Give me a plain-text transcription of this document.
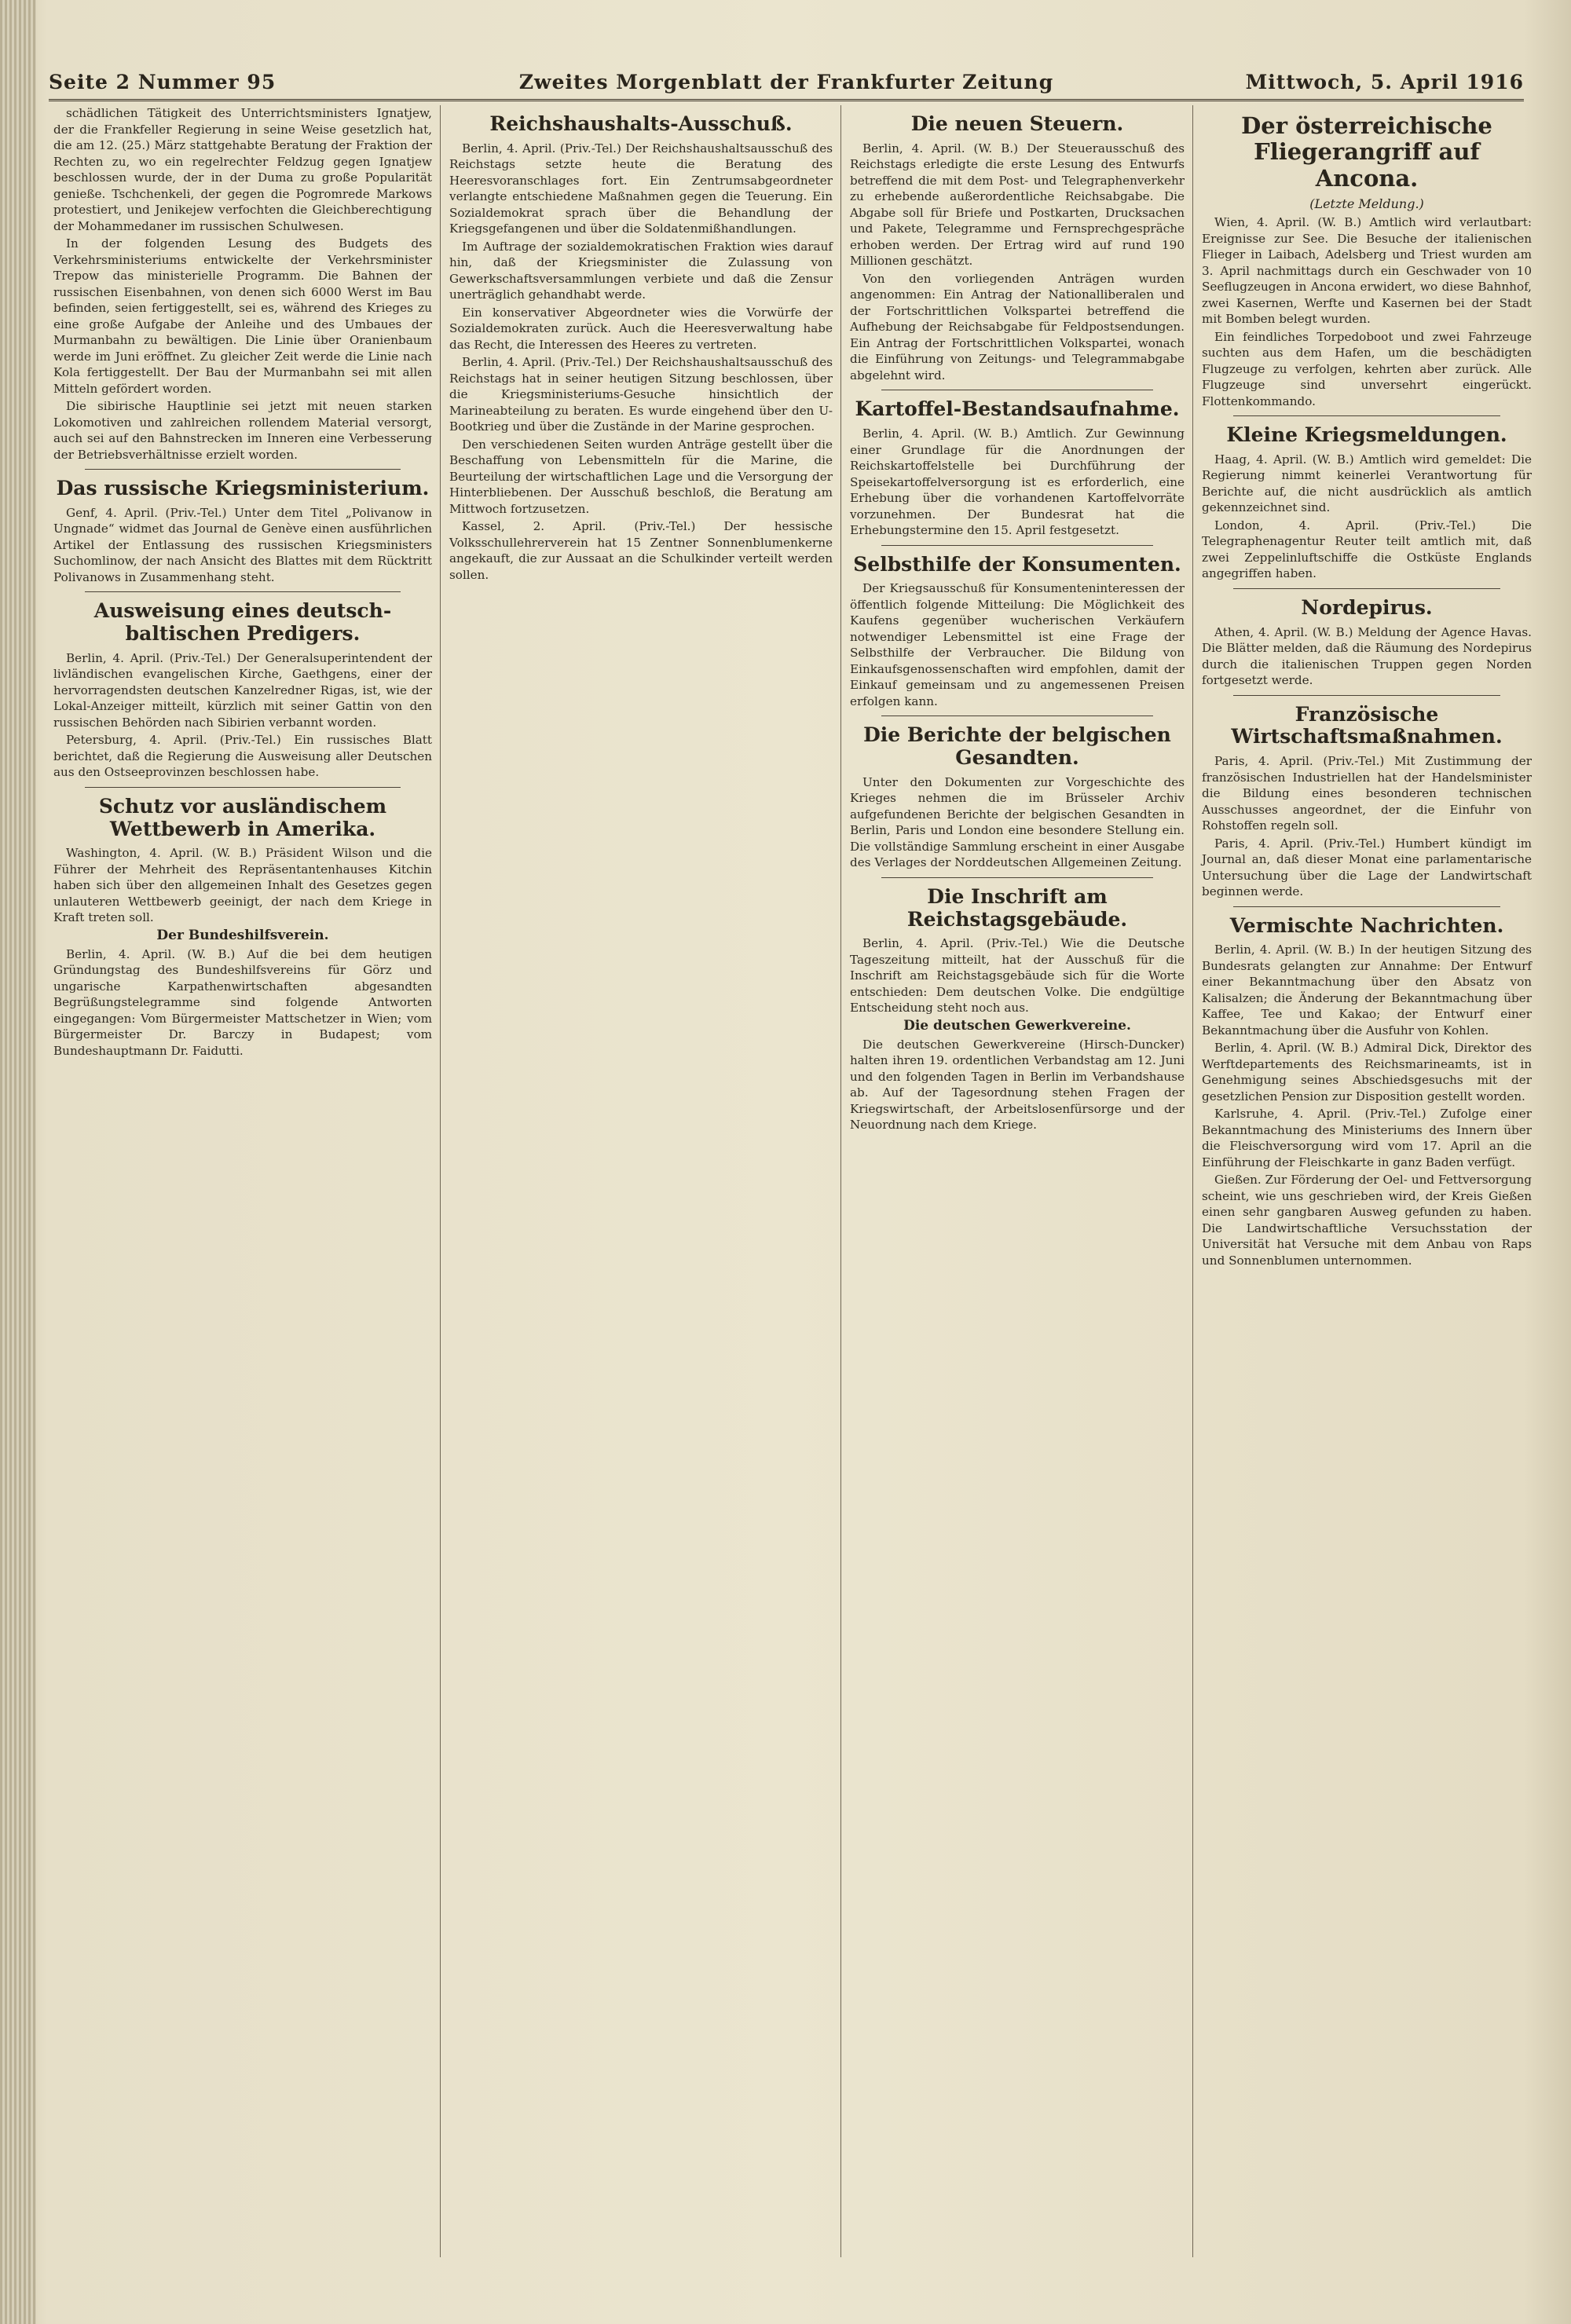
Seite 2 Nummer 95	Zweites Morgenblatt der Frankfurter Zeitung	Mittwoch, 5. April 1916

schädlichen Tätigkeit des Unterrichtsministers Ignatjew, der die Frankfeller Regierung in seine Weise gesetzlich hat, die am 12. (25.) März stattgehabte Beratung der Fraktion der Rechten zu, wo ein regelrechter Feldzug gegen Ignatjew beschlossen wurde, der in der Duma zu große Popularität genieße. Tschchenkeli, der gegen die Pogromrede Markows protestiert, und Jenikejew verfochten die Gleichberechtigung der Mohammedaner im russischen Schulwesen.

In der folgenden Lesung des Budgets des Verkehrsministeriums entwickelte der Verkehrsminister Trepow das ministerielle Programm. Die Bahnen der russischen Eisenbahnen, von denen sich 6000 Werst im Bau befinden, seien fertiggestellt, sei es, während des Krieges zu eine große Aufgabe der Anleihe und des Umbaues der Murmanbahn zu bewältigen. Die Linie über Oranienbaum werde im Juni eröffnet. Zu gleicher Zeit werde die Linie nach Kola fertiggestellt. Der Bau der Murmanbahn sei mit allen Mitteln gefördert worden.

Die sibirische Hauptlinie sei jetzt mit neuen starken Lokomotiven und zahlreichen rollendem Material versorgt, auch sei auf den Bahnstrecken im Inneren eine Verbesserung der Betriebsverhältnisse erzielt worden.

Das russische Kriegsministerium.

Genf, 4. April. (Priv.-Tel.) Unter dem Titel „Polivanow in Ungnade“ widmet das Journal de Genève einen ausführlichen Artikel der Entlassung des russischen Kriegsministers Suchomlinow, der nach Ansicht des Blattes mit dem Rücktritt Polivanows in Zusammenhang steht.

Ausweisung eines deutsch-baltischen Predigers.

Berlin, 4. April. (Priv.-Tel.) Der Generalsuperintendent der livländischen evangelischen Kirche, Gaethgens, einer der hervorragendsten deutschen Kanzelredner Rigas, ist, wie der Lokal-Anzeiger mitteilt, kürzlich mit seiner Gattin von den russischen Behörden nach Sibirien verbannt worden.

Petersburg, 4. April. (Priv.-Tel.) Ein russisches Blatt berichtet, daß die Regierung die Ausweisung aller Deutschen aus den Ostseeprovinzen beschlossen habe.

Schutz vor ausländischem Wettbewerb in Amerika.

Washington, 4. April. (W. B.) Präsident Wilson und die Führer der Mehrheit des Repräsentantenhauses Kitchin haben sich über den allgemeinen Inhalt des Gesetzes gegen unlauteren Wettbewerb geeinigt, der nach dem Kriege in Kraft treten soll.

Der Bundeshilfsverein.

Berlin, 4. April. (W. B.) Auf die bei dem heutigen Gründungstag des Bundeshilfsvereins für Görz und ungarische Karpathenwirtschaften abgesandten Begrüßungstelegramme sind folgende Antworten eingegangen: Vom Bürgermeister Mattschetzer in Wien; vom Bürgermeister Dr. Barczy in Budapest; vom Bundeshauptmann Dr. Faidutti.

Reichshaushalts-Ausschuß.

Berlin, 4. April. (Priv.-Tel.) Der Reichshaushaltsausschuß des Reichstags setzte heute die Beratung des Heeresvoranschlages fort. Ein Zentrumsabgeordneter verlangte entschiedene Maßnahmen gegen die Teuerung. Ein Sozialdemokrat sprach über die Behandlung der Kriegsgefangenen und über die Soldatenmißhandlungen.

Im Auftrage der sozialdemokratischen Fraktion wies darauf hin, daß der Kriegsminister die Zulassung von Gewerkschaftsversammlungen verbiete und daß die Zensur unerträglich gehandhabt werde.

Ein konservativer Abgeordneter wies die Vorwürfe der Sozialdemokraten zurück. Auch die Heeresverwaltung habe das Recht, die Interessen des Heeres zu vertreten.

Berlin, 4. April. (Priv.-Tel.) Der Reichshaushaltsausschuß des Reichstags hat in seiner heutigen Sitzung beschlossen, über die Kriegsministeriums-Gesuche hinsichtlich der Marineabteilung zu beraten. Es wurde eingehend über den U-Bootkrieg und über die Zustände in der Marine gesprochen.

Den verschiedenen Seiten wurden Anträge gestellt über die Beschaffung von Lebensmitteln für die Marine, die Beurteilung der wirtschaftlichen Lage und die Versorgung der Hinterbliebenen. Der Ausschuß beschloß, die Beratung am Mittwoch fortzusetzen.

Kassel, 2. April. (Priv.-Tel.) Der hessische Volksschullehrerverein hat 15 Zentner Sonnenblumenkerne angekauft, die zur Aussaat an die Schulkinder verteilt werden sollen.

Die neuen Steuern.

Berlin, 4. April. (W. B.) Der Steuerausschuß des Reichstags erledigte die erste Lesung des Entwurfs betreffend die mit dem Post- und Telegraphenverkehr zu erhebende außerordentliche Reichsabgabe. Die Abgabe soll für Briefe und Postkarten, Drucksachen und Pakete, Telegramme und Fernsprechgespräche erhoben werden. Der Ertrag wird auf rund 190 Millionen geschätzt.

Von den vorliegenden Anträgen wurden angenommen: Ein Antrag der Nationalliberalen und der Fortschrittlichen Volkspartei betreffend die Aufhebung der Reichsabgabe für Feldpostsendungen. Ein Antrag der Fortschrittlichen Volkspartei, wonach die Einführung von Zeitungs- und Telegrammabgabe abgelehnt wird.

Kartoffel-Bestandsaufnahme.

Berlin, 4. April. (W. B.) Amtlich. Zur Gewinnung einer Grundlage für die Anordnungen der Reichskartoffelstelle bei Durchführung der Speisekartoffelversorgung ist es erforderlich, eine Erhebung über die vorhandenen Kartoffelvorräte vorzunehmen. Der Bundesrat hat die Erhebungstermine den 15. April festgesetzt.

Selbsthilfe der Konsumenten.

Der Kriegsausschuß für Konsumenteninteressen der öffentlich folgende Mitteilung: Die Möglichkeit des Kaufens gegenüber wucherischen Verkäufern notwendiger Lebensmittel ist eine Frage der Selbsthilfe der Verbraucher. Die Bildung von Einkaufsgenossenschaften wird empfohlen, damit der Einkauf gemeinsam und zu angemessenen Preisen erfolgen kann.

Die Berichte der belgischen Gesandten.

Unter den Dokumenten zur Vorgeschichte des Krieges nehmen die im Brüsseler Archiv aufgefundenen Berichte der belgischen Gesandten in Berlin, Paris und London eine besondere Stellung ein. Die vollständige Sammlung erscheint in einer Ausgabe des Verlages der Norddeutschen Allgemeinen Zeitung.

Die Inschrift am Reichstagsgebäude.

Berlin, 4. April. (Priv.-Tel.) Wie die Deutsche Tageszeitung mitteilt, hat der Ausschuß für die Inschrift am Reichstagsgebäude sich für die Worte entschieden: Dem deutschen Volke. Die endgültige Entscheidung steht noch aus.

Die deutschen Gewerkvereine.

Die deutschen Gewerkvereine (Hirsch-Duncker) halten ihren 19. ordentlichen Verbandstag am 12. Juni und den folgenden Tagen in Berlin im Verbandshause ab. Auf der Tagesordnung stehen Fragen der Kriegswirtschaft, der Arbeitslosenfürsorge und der Neuordnung nach dem Kriege.

Der österreichische Fliegerangriff auf Ancona.
(Letzte Meldung.)

Wien, 4. April. (W. B.) Amtlich wird verlautbart: Ereignisse zur See. Die Besuche der italienischen Flieger in Laibach, Adelsberg und Triest wurden am 3. April nachmittags durch ein Geschwader von 10 Seeflugzeugen in Ancona erwidert, wo diese Bahnhof, zwei Kasernen, Werfte und Kasernen bei der Stadt mit Bomben belegt wurden.

Ein feindliches Torpedoboot und zwei Fahrzeuge suchten aus dem Hafen, um die beschädigten Flugzeuge zu verfolgen, kehrten aber zurück. Alle Flugzeuge sind unversehrt eingerückt. Flottenkommando.

Kleine Kriegsmeldungen.

Haag, 4. April. (W. B.) Amtlich wird gemeldet: Die Regierung nimmt keinerlei Verantwortung für Berichte auf, die nicht ausdrücklich als amtlich gekennzeichnet sind.

London, 4. April. (Priv.-Tel.) Die Telegraphenagentur Reuter teilt amtlich mit, daß zwei Zeppelinluftschiffe die Ostküste Englands angegriffen haben.

Nordepirus.

Athen, 4. April. (W. B.) Meldung der Agence Havas. Die Blätter melden, daß die Räumung des Nordepirus durch die italienischen Truppen gegen Norden fortgesetzt werde.

Französische Wirtschaftsmaßnahmen.

Paris, 4. April. (Priv.-Tel.) Mit Zustimmung der französischen Industriellen hat der Handelsminister die Bildung eines besonderen technischen Ausschusses angeordnet, der die Einfuhr von Rohstoffen regeln soll.

Paris, 4. April. (Priv.-Tel.) Humbert kündigt im Journal an, daß dieser Monat eine parlamentarische Untersuchung über die Lage der Landwirtschaft beginnen werde.

Vermischte Nachrichten.

Berlin, 4. April. (W. B.) In der heutigen Sitzung des Bundesrats gelangten zur Annahme: Der Entwurf einer Bekanntmachung über den Absatz von Kalisalzen; die Änderung der Bekanntmachung über Kaffee, Tee und Kakao; der Entwurf einer Bekanntmachung über die Ausfuhr von Kohlen.

Berlin, 4. April. (W. B.) Admiral Dick, Direktor des Werftdepartements des Reichsmarineamts, ist in Genehmigung seines Abschiedsgesuchs mit der gesetzlichen Pension zur Disposition gestellt worden.

Karlsruhe, 4. April. (Priv.-Tel.) Zufolge einer Bekanntmachung des Ministeriums des Innern über die Fleischversorgung wird vom 17. April an die Einführung der Fleischkarte in ganz Baden verfügt.

Gießen. Zur Förderung der Oel- und Fettversorgung scheint, wie uns geschrieben wird, der Kreis Gießen einen sehr gangbaren Ausweg gefunden zu haben. Die Landwirtschaftliche Versuchsstation der Universität hat Versuche mit dem Anbau von Raps und Sonnenblumen unternommen.
